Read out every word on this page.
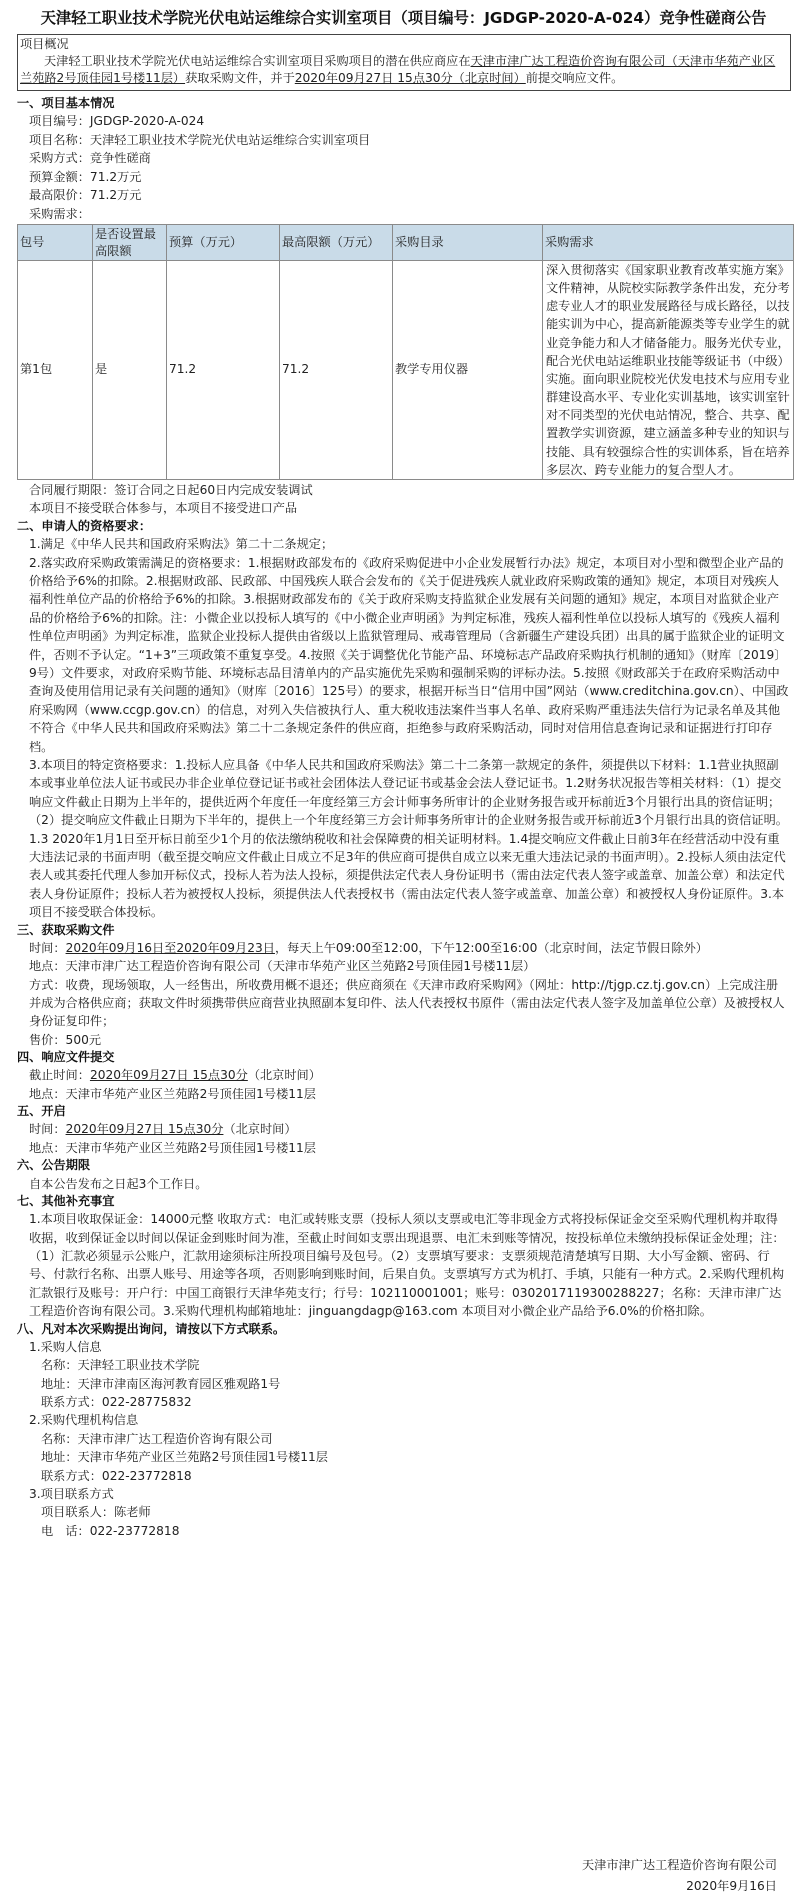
天津轻工职业技术学院光伏电站运维综合实训室项目（项目编号：JGDGP-2020-A-024）竞争性磋商公告
项目概况
天津轻工职业技术学院光伏电站运维综合实训室项目采购项目的潜在供应商应在天津市津广达工程造价咨询有限公司（天津市华苑产业区兰苑路2号顶佳园1号楼11层）获取采购文件，并于2020年09月27日 15点30分（北京时间）前提交响应文件。
一、项目基本情况
项目编号：JGDGP-2020-A-024
项目名称：天津轻工职业技术学院光伏电站运维综合实训室项目
采购方式：竞争性磋商
预算金额：71.2万元
最高限价：71.2万元
采购需求：
包号	是否设置最高限额	预算（万元）	最高限额（万元）	采购目录	采购需求
第1包	是	71.2	71.2	教学专用仪器	深入贯彻落实《国家职业教育改革实施方案》文件精神，从院校实际教学条件出发，充分考虑专业人才的职业发展路径与成长路径，以技能实训为中心，提高新能源类等专业学生的就业竞争能力和人才储备能力。服务光伏专业，配合光伏电站运维职业技能等级证书（中级）实施。面向职业院校光伏发电技术与应用专业群建设高水平、专业化实训基地，该实训室针对不同类型的光伏电站情况，整合、共享、配置教学实训资源，建立涵盖多种专业的知识与技能、具有较强综合性的实训体系，旨在培养多层次、跨专业能力的复合型人才。
合同履行期限：签订合同之日起60日内完成安装调试
本项目不接受联合体参与，本项目不接受进口产品
二、申请人的资格要求：
1.满足《中华人民共和国政府采购法》第二十二条规定；
2.落实政府采购政策需满足的资格要求：1.根据财政部发布的《政府采购促进中小企业发展暂行办法》规定，本项目对小型和微型企业产品的价格给予6%的扣除。2.根据财政部、民政部、中国残疾人联合会发布的《关于促进残疾人就业政府采购政策的通知》规定，本项目对残疾人福利性单位产品的价格给予6%的扣除。3.根据财政部发布的《关于政府采购支持监狱企业发展有关问题的通知》规定，本项目对监狱企业产品的价格给予6%的扣除。注：小微企业以投标人填写的《中小微企业声明函》为判定标准，残疾人福利性单位以投标人填写的《残疾人福利性单位声明函》为判定标准，监狱企业投标人提供由省级以上监狱管理局、戒毒管理局（含新疆生产建设兵团）出具的属于监狱企业的证明文件，否则不予认定。“1+3”三项政策不重复享受。4.按照《关于调整优化节能产品、环境标志产品政府采购执行机制的通知》（财库〔2019〕9号）文件要求，对政府采购节能、环境标志品目清单内的产品实施优先采购和强制采购的评标办法。5.按照《财政部关于在政府采购活动中查询及使用信用记录有关问题的通知》（财库〔2016〕125号）的要求，根据开标当日“信用中国”网站（www.creditchina.gov.cn）、中国政府采购网（www.ccgp.gov.cn）的信息，对列入失信被执行人、重大税收违法案件当事人名单、政府采购严重违法失信行为记录名单及其他不符合《中华人民共和国政府采购法》第二十二条规定条件的供应商，拒绝参与政府采购活动，同时对信用信息查询记录和证据进行打印存档。
3.本项目的特定资格要求：1.投标人应具备《中华人民共和国政府采购法》第二十二条第一款规定的条件，须提供以下材料：1.1营业执照副本或事业单位法人证书或民办非企业单位登记证书或社会团体法人登记证书或基金会法人登记证书。1.2财务状况报告等相关材料：（1）提交响应文件截止日期为上半年的，提供近两个年度任一年度经第三方会计师事务所审计的企业财务报告或开标前近3个月银行出具的资信证明；（2）提交响应文件截止日期为下半年的，提供上一个年度经第三方会计师事务所审计的企业财务报告或开标前近3个月银行出具的资信证明。1.3 2020年1月1日至开标日前至少1个月的依法缴纳税收和社会保障费的相关证明材料。1.4提交响应文件截止日前3年在经营活动中没有重大违法记录的书面声明（截至提交响应文件截止日成立不足3年的供应商可提供自成立以来无重大违法记录的书面声明）。2.投标人须由法定代表人或其委托代理人参加开标仪式，投标人若为法人投标，须提供法定代表人身份证明书（需由法定代表人签字或盖章、加盖公章）和法定代表人身份证原件；投标人若为被授权人投标，须提供法人代表授权书（需由法定代表人签字或盖章、加盖公章）和被授权人身份证原件。3.本项目不接受联合体投标。
三、获取采购文件
时间：2020年09月16日至2020年09月23日，每天上午09:00至12:00，下午12:00至16:00（北京时间，法定节假日除外）
地点：天津市津广达工程造价咨询有限公司（天津市华苑产业区兰苑路2号顶佳园1号楼11层）
方式：收费，现场领取，人一经售出，所收费用概不退还；供应商须在《天津市政府采购网》（网址：http://tjgp.cz.tj.gov.cn）上完成注册并成为合格供应商；获取文件时须携带供应商营业执照副本复印件、法人代表授权书原件（需由法定代表人签字及加盖单位公章）及被授权人身份证复印件；
售价：500元
四、响应文件提交
截止时间：2020年09月27日 15点30分（北京时间）
地点：天津市华苑产业区兰苑路2号顶佳园1号楼11层
五、开启
时间：2020年09月27日 15点30分（北京时间）
地点：天津市华苑产业区兰苑路2号顶佳园1号楼11层
六、公告期限
自本公告发布之日起3个工作日。
七、其他补充事宜
1.本项目收取保证金：14000元整 收取方式：电汇或转账支票（投标人须以支票或电汇等非现金方式将投标保证金交至采购代理机构并取得收据，收到保证金以时间以保证金到账时间为准，至截止时间如支票出现退票、电汇未到账等情况，按投标单位未缴纳投标保证金处理；注：（1）汇款必须显示公账户，汇款用途须标注所投项目编号及包号。（2）支票填写要求：支票须规范清楚填写日期、大小写金额、密码、行号、付款行名称、出票人账号、用途等各项，否则影响到账时间，后果自负。支票填写方式为机打、手填，只能有一种方式。2.采购代理机构汇款银行及账号：开户行：中国工商银行天津华苑支行；行号：102110001001；账号：0302017119300288227；名称：天津市津广达工程造价咨询有限公司。3.采购代理机构邮箱地址：jinguangdagp@163.com 本项目对小微企业产品给予6.0%的价格扣除。
八、凡对本次采购提出询问，请按以下方式联系。
1.采购人信息
名称：天津轻工职业技术学院
地址：天津市津南区海河教育园区雅观路1号
联系方式：022-28775832
2.采购代理机构信息
名称：天津市津广达工程造价咨询有限公司
地址：天津市华苑产业区兰苑路2号顶佳园1号楼11层
联系方式：022-23772818
3.项目联系方式
项目联系人：陈老师
电　话：022-23772818
天津市津广达工程造价咨询有限公司
2020年9月16日
